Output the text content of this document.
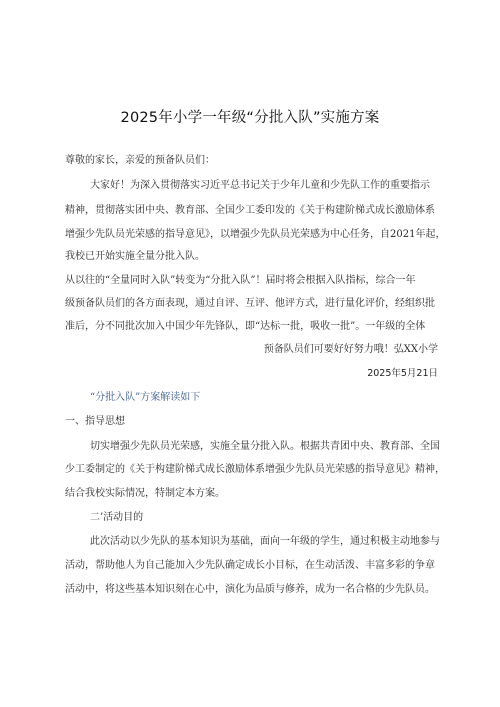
2025年小学一年级“分批入队”实施方案
尊敬的家长，亲爱的预备队员们：
大家好！为深入贯彻落实习近平总书记关于少年儿童和少先队工作的重要指示
精神，贯彻落实团中央、教育部、全国少工委印发的《关于构建阶梯式成长激励体系
增强少先队员光荣感的指导意见》，以增强少先队员光荣感为中心任务，自2021年起，
我校已开始实施全量分批入队。
从以往的“全量同时入队”转变为“分批入队”！届时将会根据入队指标，综合一年
级预备队员们的各方面表现，通过自评、互评、他评方式，进行量化评价，经组织批
准后，分不同批次加入中国少年先锋队，即“达标一批，吸收一批”。一年级的全体
预备队员们可要好好努力哦！弘XX小学
2025年5月21日
“分批入队”方案解读如下
一、指导思想
切实增强少先队员光荣感，实施全量分批入队。根据共青团中央、教育部、全国
少工委制定的《关于构建阶梯式成长激励体系增强少先队员光荣感的指导意见》精神，
结合我校实际情况，特制定本方案。
二’活动目的
此次活动以少先队的基本知识为基础，面向一年级的学生，通过积极主动地参与
活动，帮助他人为自己能加入少先队确定成长小目标，在生动活泼、丰富多彩的争章
活动中，将这些基本知识刻在心中，演化为品质与修养，成为一名合格的少先队员。
